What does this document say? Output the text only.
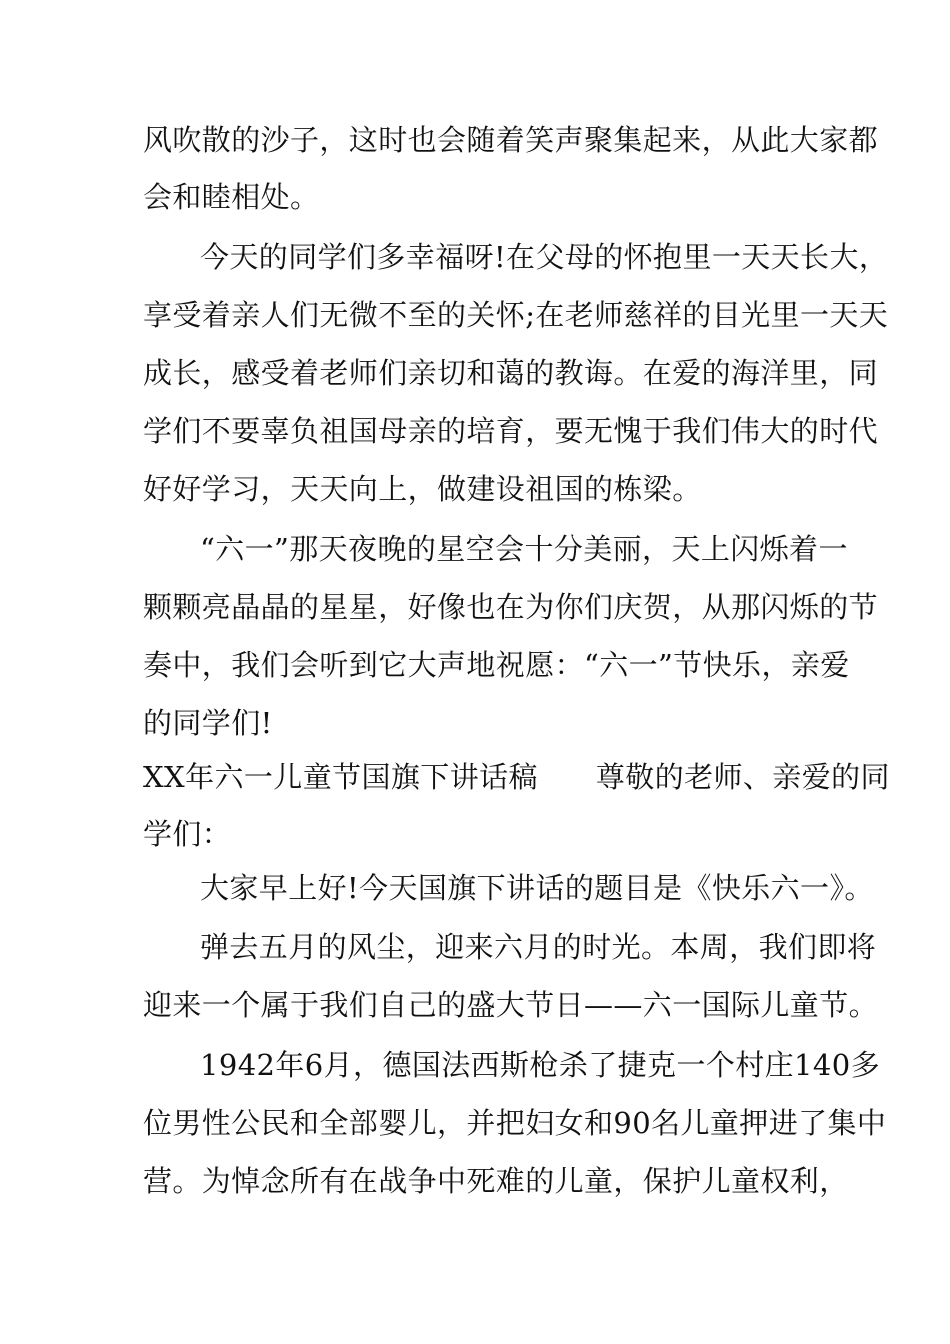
风吹散的沙子，这时也会随着笑声聚集起来，从此大家都
会和睦相处。
今天的同学们多幸福呀!在父母的怀抱里一天天长大，
享受着亲人们无微不至的关怀;在老师慈祥的目光里一天天
成长，感受着老师们亲切和蔼的教诲。在爱的海洋里，同
学们不要辜负祖国母亲的培育，要无愧于我们伟大的时代
好好学习，天天向上，做建设祖国的栋梁。
“六一”那天夜晚的星空会十分美丽，天上闪烁着一
颗颗亮晶晶的星星，好像也在为你们庆贺，从那闪烁的节
奏中，我们会听到它大声地祝愿：“六一”节快乐，亲爱
的同学们!
XX年六一儿童节国旗下讲话稿 尊敬的老师、亲爱的同
学们：
大家早上好!今天国旗下讲话的题目是《快乐六一》。
弹去五月的风尘，迎来六月的时光。本周，我们即将
迎来一个属于我们自己的盛大节日——六一国际儿童节。
1942年6月，德国法西斯枪杀了捷克一个村庄140多
位男性公民和全部婴儿，并把妇女和90名儿童押进了集中
营。为悼念所有在战争中死难的儿童，保护儿童权利，
